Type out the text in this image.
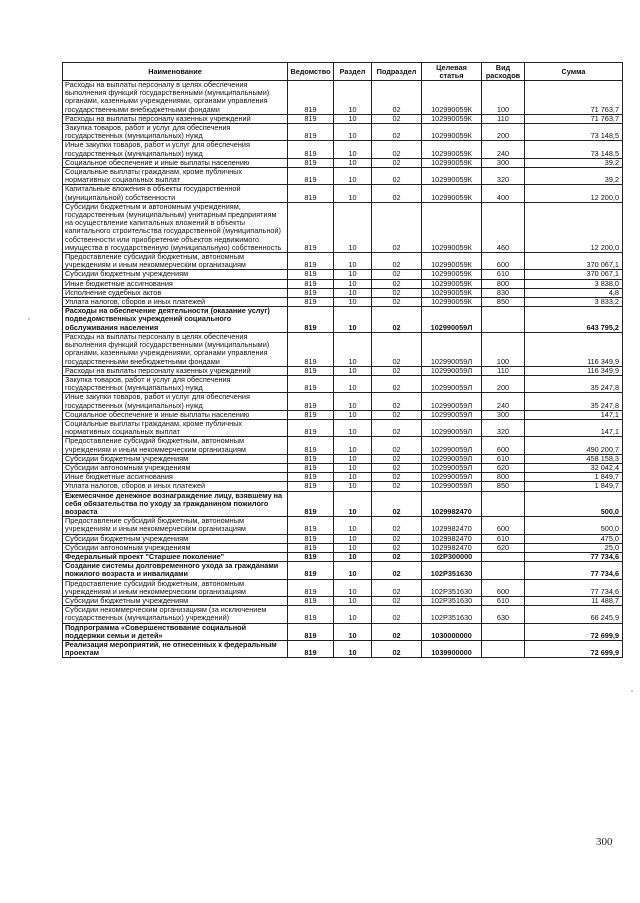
Наименование	Ведомство	Раздел	Подраздел	Целевая
статья	Вид
расходов	Сумма
Расходы на выплаты персоналу в целях обеспечения выполнения функций государственными (муниципальными) органами, казенными учреждениями, органами управления государственными внебюджетными фондами	819	10	02	102990059К	100	71 763,7
Расходы на выплаты персоналу казенных учреждений	819	10	02	102990059К	110	71 763,7
Закупка товаров, работ и услуг для обеспечения государственных (муниципальных) нужд	819	10	02	102990059К	200	73 148,5
Иные закупки товаров, работ и услуг для обеспечения государственных (муниципальных) нужд	819	10	02	102990059К	240	73 148,5
Социальное обеспечение и иные выплаты населению	819	10	02	102990059К	300	39,2
Социальные выплаты гражданам, кроме публичных нормативных социальных выплат	819	10	02	102990059К	320	39,2
Капитальные вложения в объекты государственной (муниципальной) собственности	819	10	02	102990059К	400	12 200,0
Субсидии бюджетным и автономным учреждениям, государственным (муниципальным) унитарным предприятиям на осуществление капитальных вложений в объекты капитального строительства государственной (муниципальной) собственности или приобретение объектов недвижимого имущества в государственную (муниципальную) собственность	819	10	02	102990059К	460	12 200,0
Предоставление субсидий бюджетным, автономным учреждениям и иным некоммерческим организациям	819	10	02	102990059К	600	370 067,1
Субсидии бюджетным учреждениям	819	10	02	102990059К	610	370 067,1
Иные бюджетные ассигнования	819	10	02	102990059К	800	3 838,0
Исполнение судебных актов	819	10	02	102990059К	830	4,8
Уплата налогов, сборов и иных платежей	819	10	02	102990059К	850	3 833,2
Расходы на обеспечение деятельности (оказание услуг) подведомственных учреждений социального обслуживания населения	819	10	02	102990059Л		643 795,2
Расходы на выплаты персоналу в целях обеспечения выполнения функций государственными (муниципальными) органами, казенными учреждениями, органами управления государственными внебюджетными фондами	819	10	02	102990059Л	100	116 349,9
Расходы на выплаты персоналу казенных учреждений	819	10	02	102990059Л	110	116 349,9
Закупка товаров, работ и услуг для обеспечения государственных (муниципальных) нужд	819	10	02	102990059Л	200	35 247,8
Иные закупки товаров, работ и услуг для обеспечения государственных (муниципальных) нужд	819	10	02	102990059Л	240	35 247,8
Социальное обеспечение и иные выплаты населению	819	10	02	102990059Л	300	147,1
Социальные выплаты гражданам, кроме публичных нормативных социальных выплат	819	10	02	102990059Л	320	147,1
Предоставление субсидий бюджетным, автономным учреждениям и иным некоммерческим организациям	819	10	02	102990059Л	600	490 200,7
Субсидии бюджетным учреждениям	819	10	02	102990059Л	610	458 158,3
Субсидии автономным учреждениям	819	10	02	102990059Л	620	32 042,4
Иные бюджетные ассигнования	819	10	02	102990059Л	800	1 849,7
Уплата налогов, сборов и иных платежей	819	10	02	102990059Л	850	1 849,7
Ежемесячное денежное вознаграждение лицу, взявшему на себя обязательства по уходу за гражданином пожилого возраста	819	10	02	1029982470		500,0
Предоставление субсидий бюджетным, автономным учреждениям и иным некоммерческим организациям	819	10	02	1029982470	600	500,0
Субсидии бюджетным учреждениям	819	10	02	1029982470	610	475,0
Субсидии автономным учреждениям	819	10	02	1029982470	620	25,0
Федеральный проект "Старшее поколение"	819	10	02	102P300000		77 734,6
Создание системы долговременного ухода за гражданами пожилого возраста и инвалидами	819	10	02	102P351630		77 734,6
Предоставление субсидий бюджетным, автономным учреждениям и иным некоммерческим организациям	819	10	02	102P351630	600	77 734,6
Субсидии бюджетным учреждениям	819	10	02	102P351630	610	11 488,7
Субсидии некоммерческим организациям (за исключением государственных (муниципальных) учреждений)	819	10	02	102P351630	630	66 245,9
Подпрограмма «Совершенствование социальной поддержки семьи и детей»	819	10	02	1030000000		72 699,9
Реализация мероприятий, не отнесенных к федеральным проектам	819	10	02	1039900000		72 699,9
300
